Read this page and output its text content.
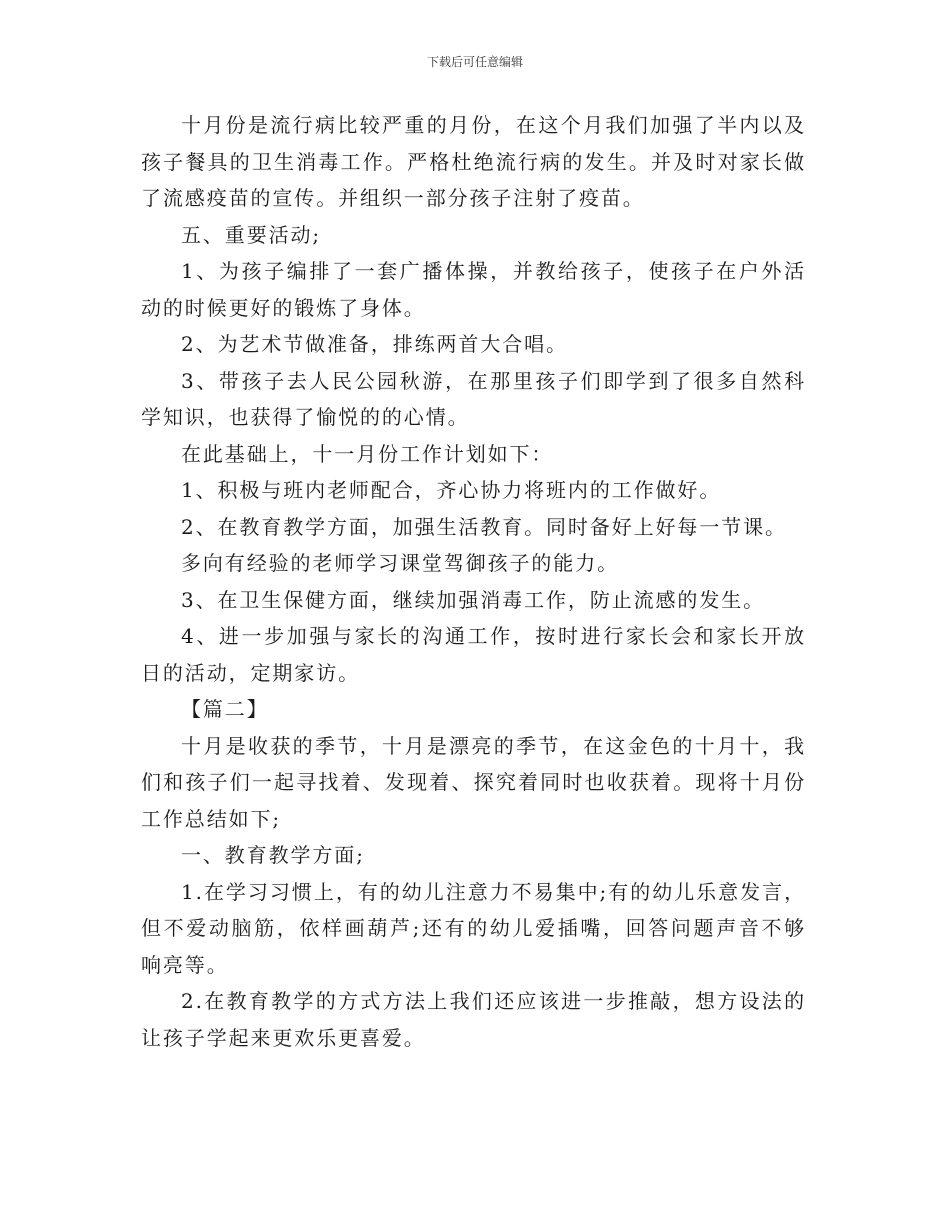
下载后可任意编辑

十月份是流行病比较严重的月份，在这个月我们加强了半内以及孩子餐具的卫生消毒工作。严格杜绝流行病的发生。并及时对家长做了流感疫苗的宣传。并组织一部分孩子注射了疫苗。

五、重要活动;

1、为孩子编排了一套广播体操，并教给孩子，使孩子在户外活动的时候更好的锻炼了身体。

2、为艺术节做准备，排练两首大合唱。

3、带孩子去人民公园秋游，在那里孩子们即学到了很多自然科学知识，也获得了愉悦的的心情。

在此基础上，十一月份工作计划如下：

1、积极与班内老师配合，齐心协力将班内的工作做好。

2、在教育教学方面，加强生活教育。同时备好上好每一节课。

多向有经验的老师学习课堂驾御孩子的能力。

3、在卫生保健方面，继续加强消毒工作，防止流感的发生。

4、进一步加强与家长的沟通工作，按时进行家长会和家长开放日的活动，定期家访。

【篇二】

十月是收获的季节，十月是漂亮的季节，在这金色的十月十，我们和孩子们一起寻找着、发现着、探究着同时也收获着。现将十月份工作总结如下;

一、教育教学方面;

1.在学习习惯上，有的幼儿注意力不易集中;有的幼儿乐意发言，但不爱动脑筋，依样画葫芦;还有的幼儿爱插嘴，回答问题声音不够响亮等。

2.在教育教学的方式方法上我们还应该进一步推敲，想方设法的让孩子学起来更欢乐更喜爱。
